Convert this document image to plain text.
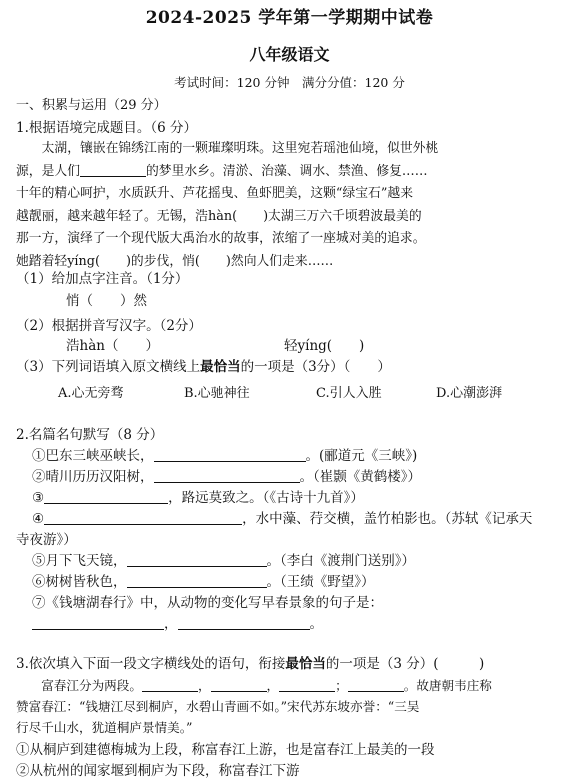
2024-2025 学年第一学期期中试卷
八年级语文
考试时间：120 分钟　满分分值：120 分
一、积累与运用（29 分）
1.根据语境完成题目。（6 分）
太湖，镶嵌在锦绣江南的一颗璀璨明珠。这里宛若瑶池仙境，似世外桃
源，是人们	的梦里水乡。清淤、治藻、调水、禁渔、修复……
十年的精心呵护，水质跃升、芦花摇曳、鱼虾肥美，这颗“绿宝石”越来
越靓丽，越来越年轻了。无锡，浩hàn( )太湖三万六千顷碧波最美的
那一方，演绎了一个现代版大禹治水的故事，浓缩了一座城对美的追求。
她踏着轻yíng( )的步伐，悄( )然向人们走来……
（1）给加点字注音。（1分）
悄（　　）然
（2）根据拼音写汉字。（2分）
浩hàn（　　）	轻yíng(　　)
（3）下列词语填入原文横线上最恰当的一项是（3分）（　　）
A.心无旁骛	B.心驰神往	C.引人入胜	D.心潮澎湃
2.名篇名句默写（8 分）
①巴东三峡巫峡长，	。(郦道元《三峡》)
②晴川历历汉阳树，	。（崔颢《黄鹤楼》）
③	，路远莫致之。（《古诗十九首》）
④	，水中藻、荇交横，盖竹柏影也。（苏轼《记承天
寺夜游》）
⑤月下飞天镜，	。（李白《渡荆门送别》）
⑥树树皆秋色，	。（王绩《野望》）
⑦《钱塘湖春行》中，从动物的变化写早春景象的句子是：
，	。
3.依次填入下面一段文字横线处的语句，衔接最恰当的一项是（3 分）(　　　)
富春江分为两段。	，	，	；	。故唐朝韦庄称
赞富春江：“钱塘江尽到桐庐，水碧山青画不如。”宋代苏东坡亦誉：“三吴
行尽千山水，犹道桐庐景情美。”
①从桐庐到建德梅城为上段，称富春江上游，也是富春江上最美的一段
②从杭州的闻家堰到桐庐为下段，称富春江下游
